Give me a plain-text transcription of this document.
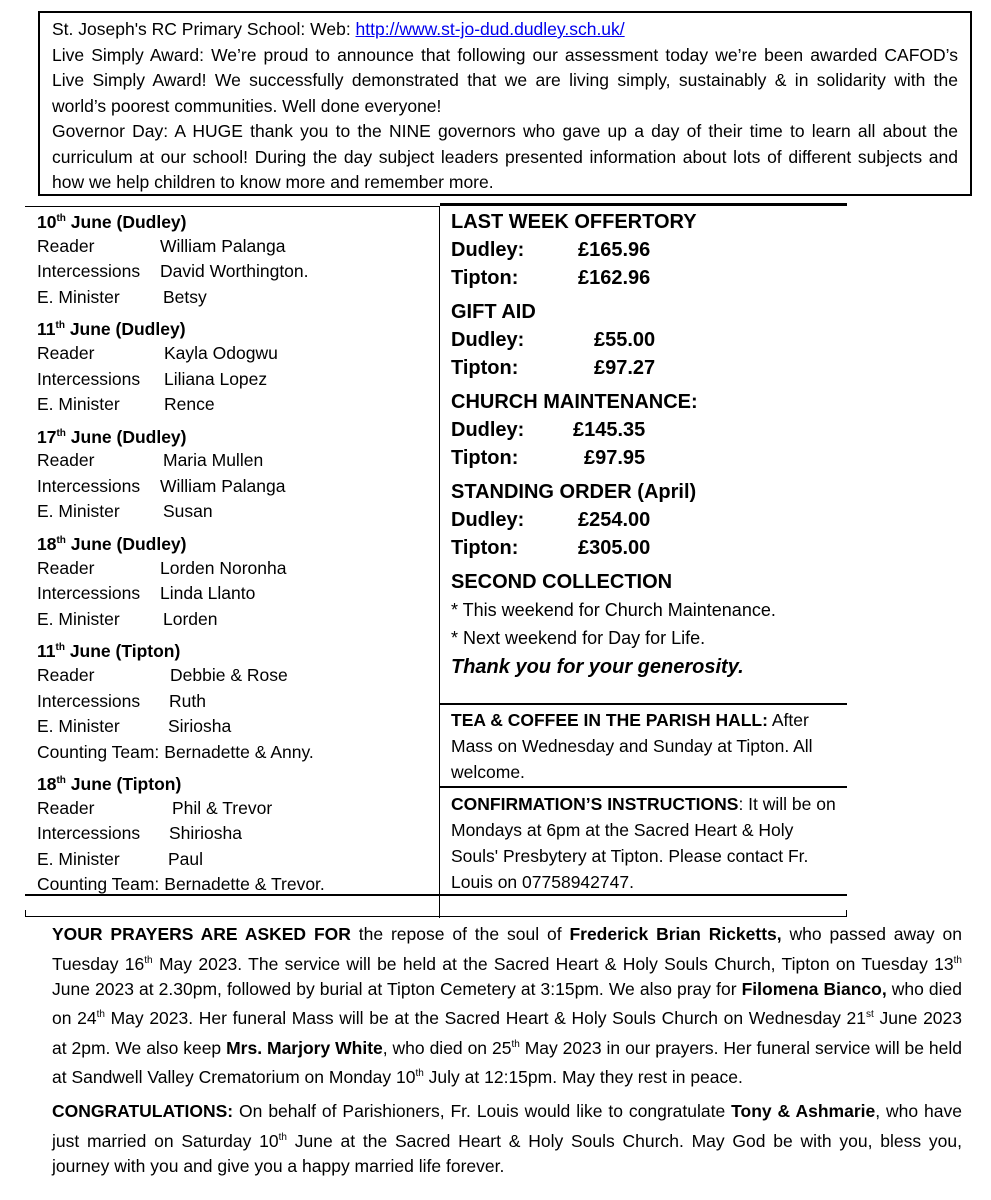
St. Joseph's RC Primary School: Web: http://www.st-jo-dud.dudley.sch.uk/

Live Simply Award: We’re proud to announce that following our assessment today we’re been awarded CAFOD’s Live Simply Award! We successfully demonstrated that we are living simply, sustainably & in solidarity with the world’s poorest communities. Well done everyone!

Governor Day: A HUGE thank you to the NINE governors who gave up a day of their time to learn all about the curriculum at our school! During the day subject leaders presented information about lots of different subjects and how we help children to know more and remember more.

10th June (Dudley)
Reader	William Palanga
Intercessions David Worthington.
E. Minister Betsy
11th June (Dudley)
Reader	Kayla Odogwu
Intercessions Liliana Lopez
E. Minister	Rence
17th June (Dudley)
Reader	Maria Mullen
Intercessions William Palanga
E. Minister Susan
18th June (Dudley)
Reader	Lorden Noronha
Intercessions Linda Llanto
E. Minister Lorden
11th June (Tipton)
Reader	Debbie & Rose
Intercessions Ruth
E. Minister	Siriosha
Counting Team: Bernadette & Anny.
18th June (Tipton)
Reader	Phil & Trevor
Intercessions Shiriosha
E. Minister	Paul
Counting Team: Bernadette & Trevor.
LAST WEEK OFFERTORY
Dudley:	£165.96
Tipton:	£162.96
GIFT AID
Dudley:	£55.00
Tipton:	£97.27
CHURCH MAINTENANCE:
Dudley: £145.35
Tipton:	£97.95
STANDING ORDER (April)
Dudley:	£254.00
Tipton:	£305.00
SECOND COLLECTION
* This weekend for Church Maintenance.
* Next weekend for Day for Life.
Thank you for your generosity.
TEA & COFFEE IN THE PARISH HALL: After Mass on Wednesday and Sunday at Tipton. All welcome.
CONFIRMATION’S INSTRUCTIONS: It will be on Mondays at 6pm at the Sacred Heart & Holy Souls' Presbytery at Tipton. Please contact Fr. Louis on 07758942747.

YOUR PRAYERS ARE ASKED FOR the repose of the soul of Frederick Brian Ricketts, who passed away on Tuesday 16th May 2023. The service will be held at the Sacred Heart & Holy Souls Church, Tipton on Tuesday 13th June 2023 at 2.30pm, followed by burial at Tipton Cemetery at 3:15pm. We also pray for Filomena Bianco, who died on 24th May 2023. Her funeral Mass will be at the Sacred Heart & Holy Souls Church on Wednesday 21st June 2023 at 2pm. We also keep Mrs. Marjory White, who died on 25th May 2023 in our prayers. Her funeral service will be held at Sandwell Valley Crematorium on Monday 10th July at 12:15pm. May they rest in peace.

CONGRATULATIONS: On behalf of Parishioners, Fr. Louis would like to congratulate Tony & Ashmarie, who have just married on Saturday 10th June at the Sacred Heart & Holy Souls Church. May God be with you, bless you, journey with you and give you a happy married life forever.
